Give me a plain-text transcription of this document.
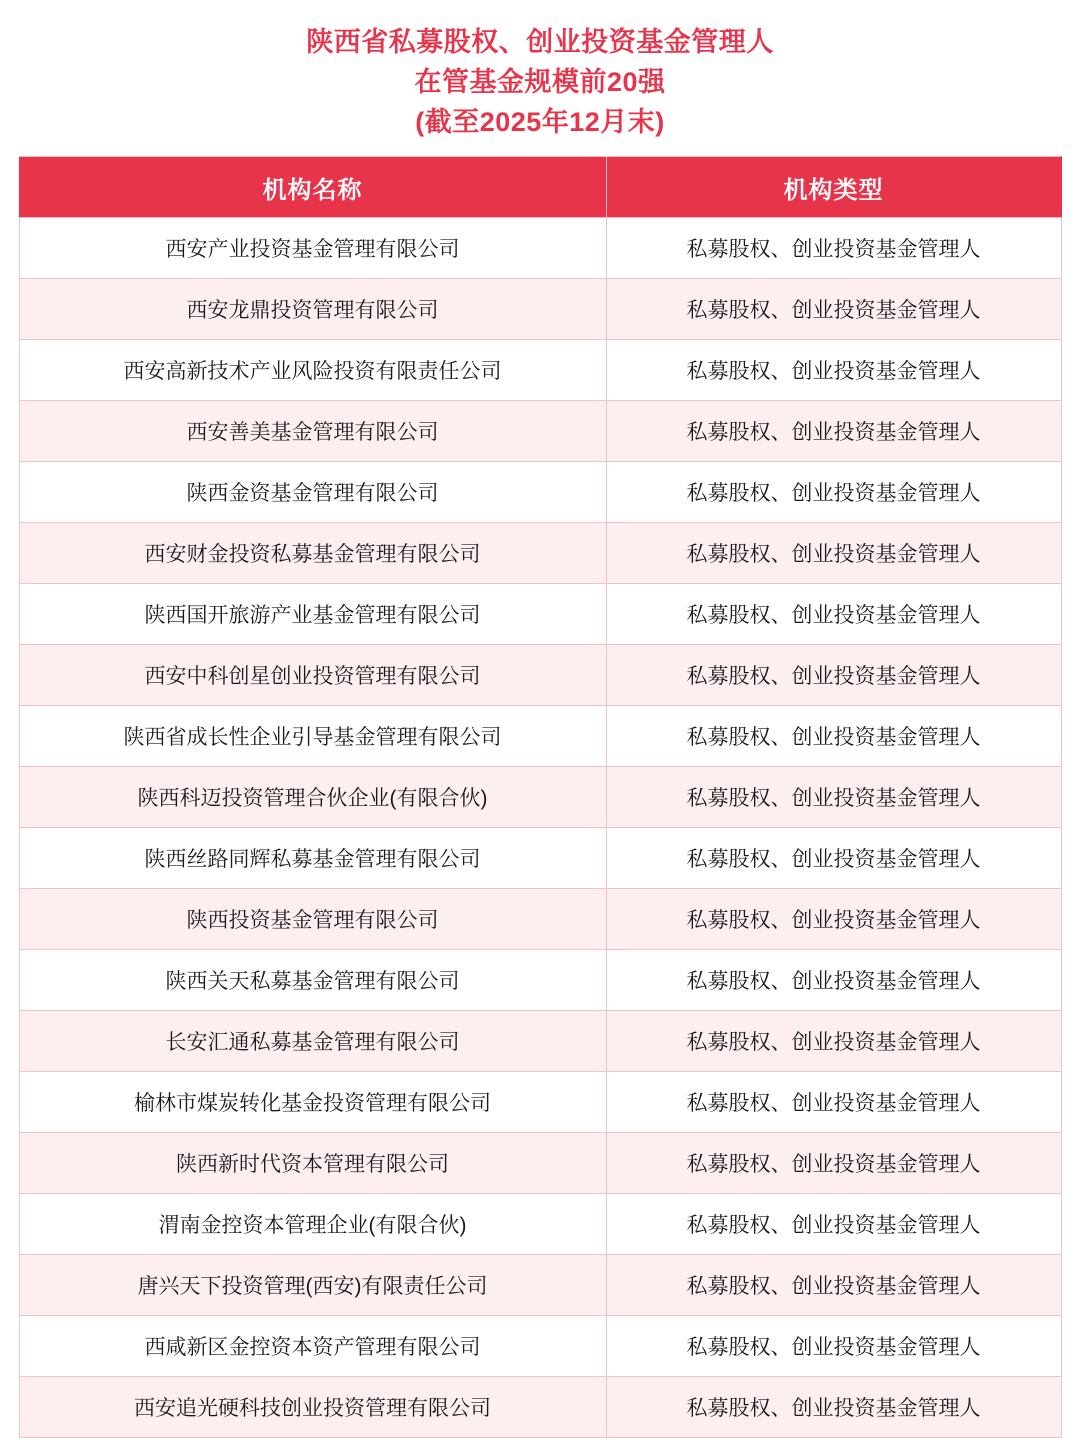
陕西省私募股权、创业投资基金管理人
在管基金规模前20强
(截至2025年12月末)
机构名称	机构类型
西安产业投资基金管理有限公司	私募股权、创业投资基金管理人
西安龙鼎投资管理有限公司	私募股权、创业投资基金管理人
西安高新技术产业风险投资有限责任公司	私募股权、创业投资基金管理人
西安善美基金管理有限公司	私募股权、创业投资基金管理人
陕西金资基金管理有限公司	私募股权、创业投资基金管理人
西安财金投资私募基金管理有限公司	私募股权、创业投资基金管理人
陕西国开旅游产业基金管理有限公司	私募股权、创业投资基金管理人
西安中科创星创业投资管理有限公司	私募股权、创业投资基金管理人
陕西省成长性企业引导基金管理有限公司	私募股权、创业投资基金管理人
陕西科迈投资管理合伙企业(有限合伙)	私募股权、创业投资基金管理人
陕西丝路同辉私募基金管理有限公司	私募股权、创业投资基金管理人
陕西投资基金管理有限公司	私募股权、创业投资基金管理人
陕西关天私募基金管理有限公司	私募股权、创业投资基金管理人
长安汇通私募基金管理有限公司	私募股权、创业投资基金管理人
榆林市煤炭转化基金投资管理有限公司	私募股权、创业投资基金管理人
陕西新时代资本管理有限公司	私募股权、创业投资基金管理人
渭南金控资本管理企业(有限合伙)	私募股权、创业投资基金管理人
唐兴天下投资管理(西安)有限责任公司	私募股权、创业投资基金管理人
西咸新区金控资本资产管理有限公司	私募股权、创业投资基金管理人
西安追光硬科技创业投资管理有限公司	私募股权、创业投资基金管理人
